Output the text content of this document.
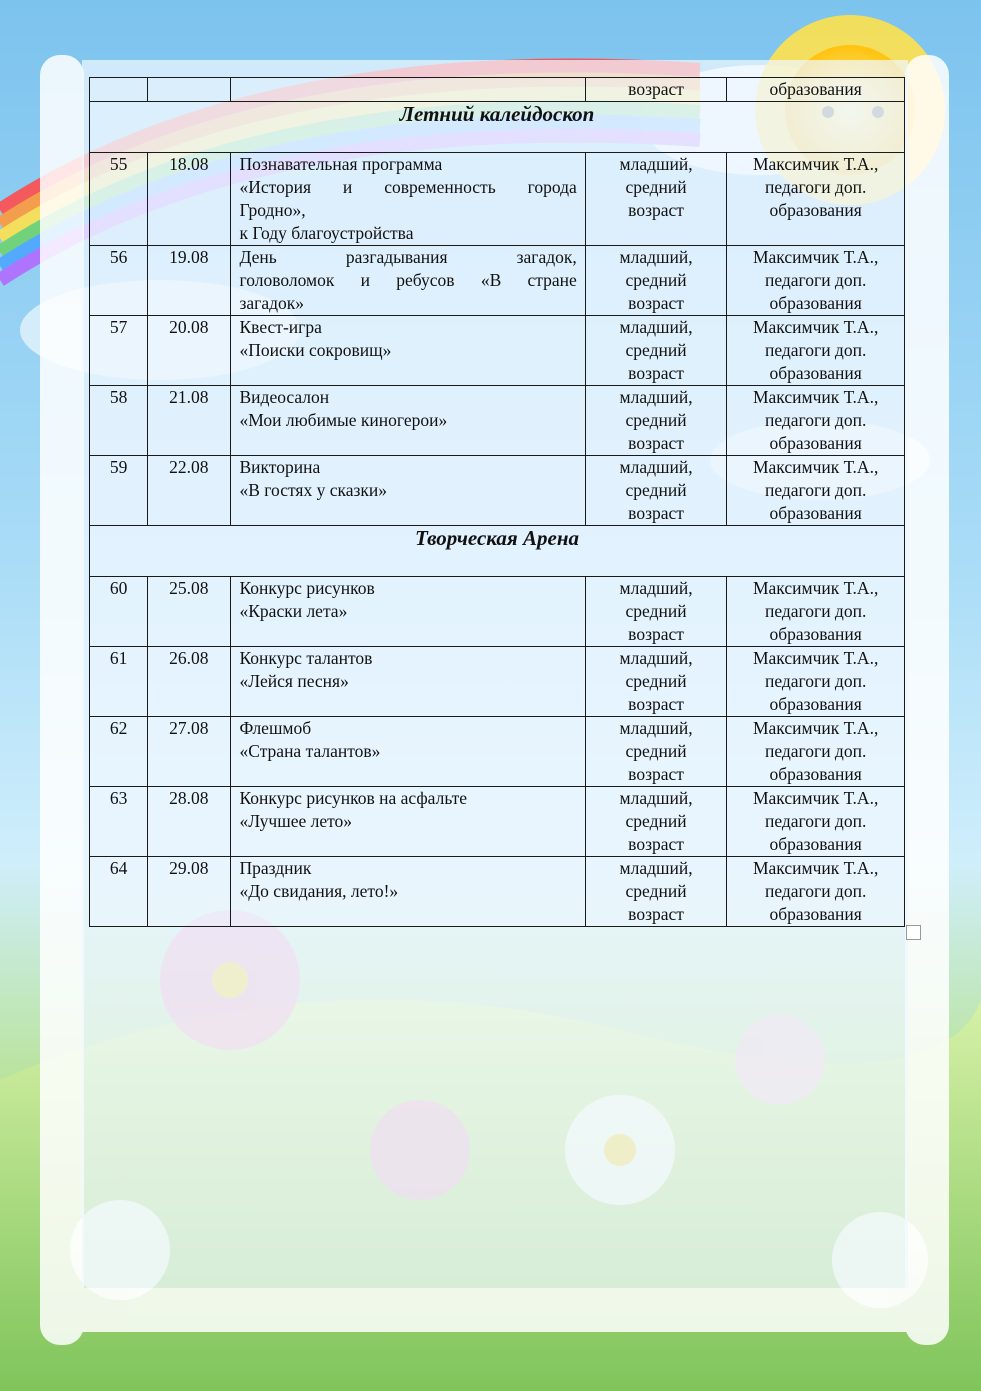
			возраст	образования
Летний калейдоскоп				
55	18.08	Познавательная программа
«История и современность города
Гродно»,
к Году благоустройства	младший,
средний
возраст	Максимчик Т.А.,
педагоги доп.
образования

56	19.08	День разгадывания загадок,
головоломок и ребусов «В стране
загадок»	младший,
средний
возраст	Максимчик Т.А.,
педагоги доп.
образования

57	20.08	Квест-игра
«Поиски сокровищ»	младший,
средний
возраст	Максимчик Т.А.,
педагоги доп.
образования

58	21.08	Видеосалон
«Мои любимые киногерои»	младший,
средний
возраст	Максимчик Т.А.,
педагоги доп.
образования

59	22.08	Викторина
«В гостях у сказки»	младший,
средний
возраст	Максимчик Т.А.,
педагоги доп.
образования

Творческая Арена				
60	25.08	Конкурс рисунков
«Краски лета»	младший,
средний
возраст	Максимчик Т.А.,
педагоги доп.
образования

61	26.08	Конкурс талантов
«Лейся песня»	младший,
средний
возраст	Максимчик Т.А.,
педагоги доп.
образования

62	27.08	Флешмоб
«Страна талантов»	младший,
средний
возраст	Максимчик Т.А.,
педагоги доп.
образования

63	28.08	Конкурс рисунков на асфальте
«Лучшее лето»	младший,
средний
возраст	Максимчик Т.А.,
педагоги доп.
образования

64	29.08	Праздник
«До свидания, лето!»	младший,
средний
возраст	Максимчик Т.А.,
педагоги доп.
образования
